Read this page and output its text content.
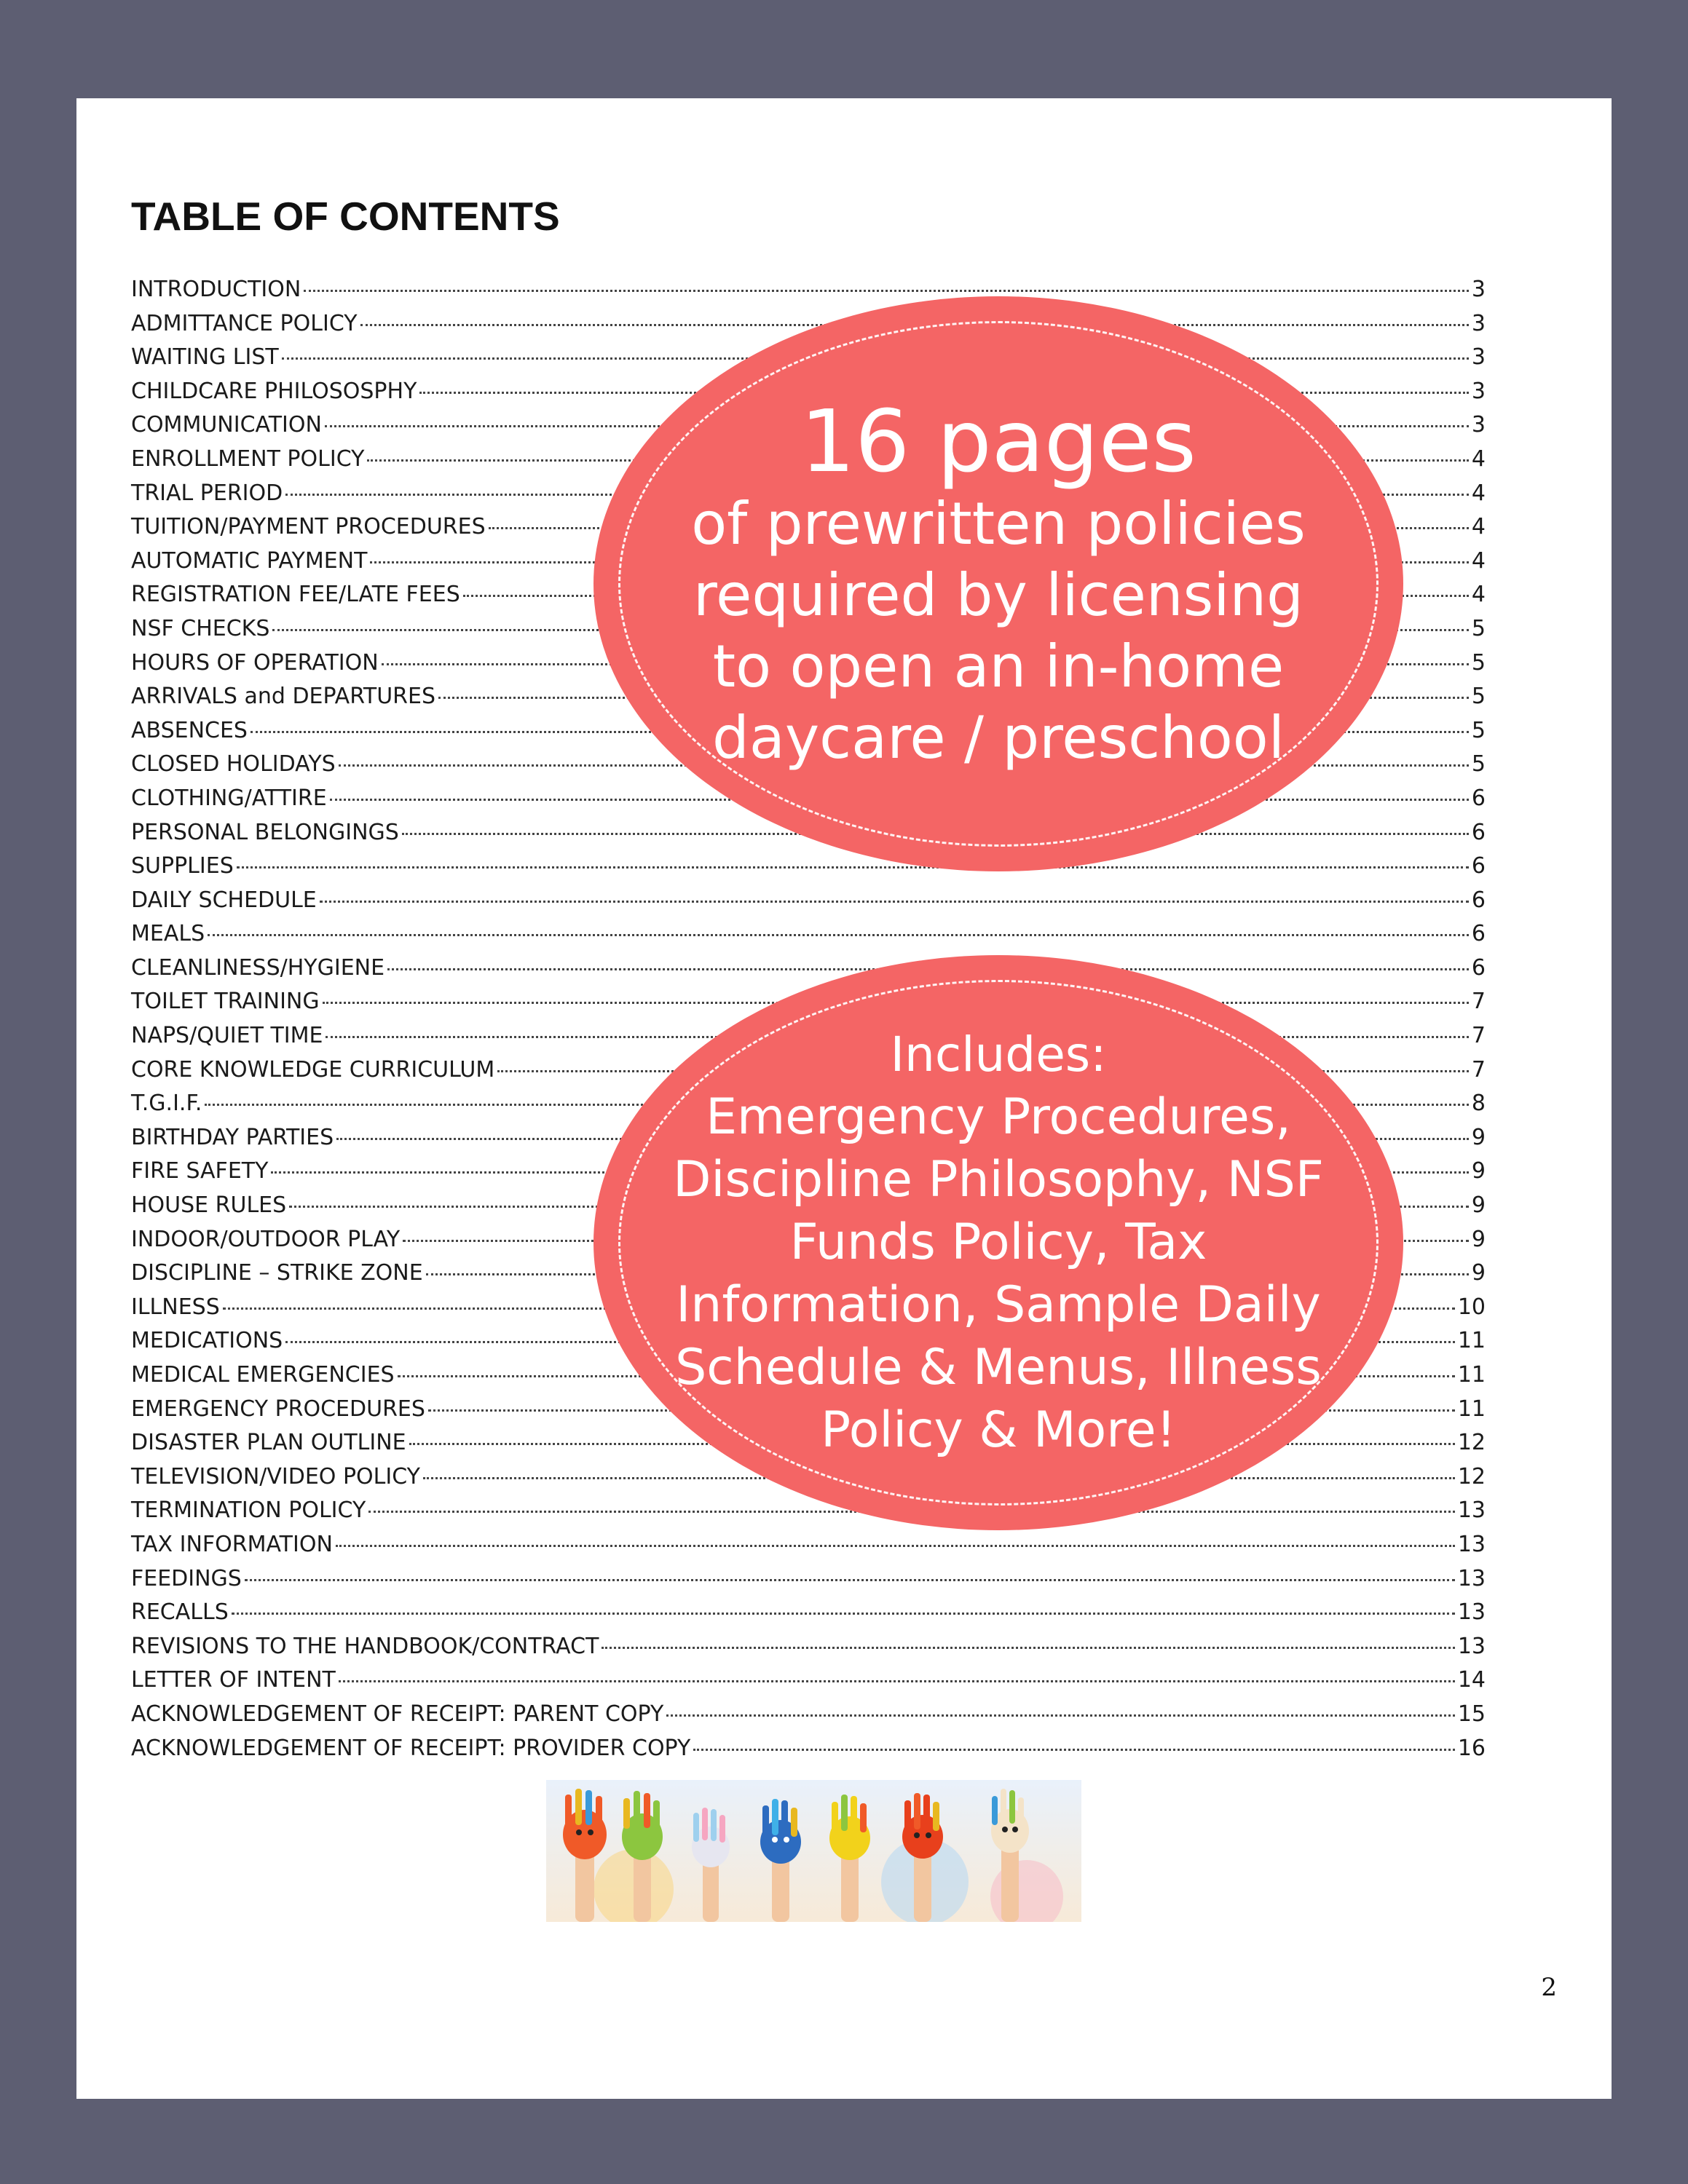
TABLE OF CONTENTS
INTRODUCTION	3
ADMITTANCE POLICY	3
WAITING LIST	3
CHILDCARE PHILOSOSPHY	3
COMMUNICATION	3
ENROLLMENT POLICY	4
TRIAL PERIOD	4
TUITION/PAYMENT PROCEDURES	4
AUTOMATIC PAYMENT	4
REGISTRATION FEE/LATE FEES	4
NSF CHECKS	5
HOURS OF OPERATION	5
ARRIVALS and DEPARTURES	5
ABSENCES	5
CLOSED HOLIDAYS	5
CLOTHING/ATTIRE	6
PERSONAL BELONGINGS	6
SUPPLIES	6
DAILY SCHEDULE	6
MEALS	6
CLEANLINESS/HYGIENE	6
TOILET TRAINING	7
NAPS/QUIET TIME	7
CORE KNOWLEDGE CURRICULUM	7
T.G.I.F.	8
BIRTHDAY PARTIES	9
FIRE SAFETY	9
HOUSE RULES	9
INDOOR/OUTDOOR PLAY	9
DISCIPLINE – STRIKE ZONE	9
ILLNESS	10
MEDICATIONS	11
MEDICAL EMERGENCIES	11
EMERGENCY PROCEDURES	11
DISASTER PLAN OUTLINE	12
TELEVISION/VIDEO POLICY	12
TERMINATION POLICY	13
TAX INFORMATION	13
FEEDINGS	13
RECALLS	13
REVISIONS TO THE HANDBOOK/CONTRACT	13
LETTER OF INTENT	14
ACKNOWLEDGEMENT OF RECEIPT: PARENT COPY	15
ACKNOWLEDGEMENT OF RECEIPT: PROVIDER COPY	16
16 pages
of prewritten policies
required by licensing
to open an in-home
daycare / preschool
Includes:
Emergency Procedures,
Discipline Philosophy, NSF
Funds Policy, Tax
Information, Sample Daily
Schedule & Menus, Illness
Policy & More!
2
